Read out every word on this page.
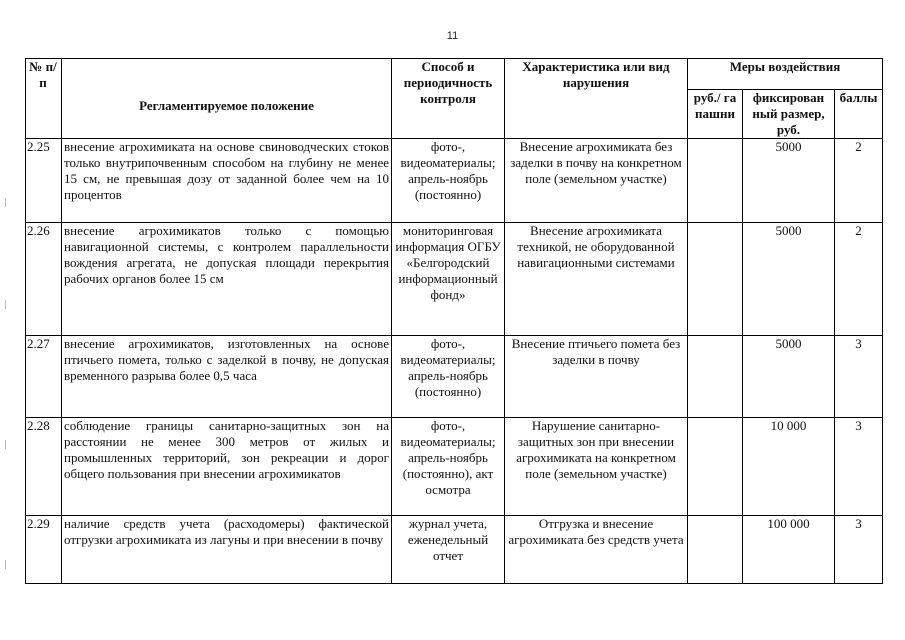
11
№ п/п	Регламентируемое положение	Способ и периодичность контроля	Характеристика или вид нарушения	Меры воздействия		
				руб./ га пашни	фиксирован ный размер, руб.	баллы
2.25	внесение агрохимиката на основе свиноводческих стоков только внутрипочвенным способом на глубину не менее 15 см, не превышая дозу от заданной более чем на 10 процентов	фото-, видеоматериалы; апрель-ноябрь (постоянно)	Внесение агрохимиката без заделки в почву на конкретном поле (земельном участке)		5000	2
2.26	внесение агрохимикатов только с помощью навигационной системы, с контролем параллельности вождения агрегата, не допуская площади перекрытия рабочих органов более 15 см	мониторинговая информация ОГБУ «Белгородский информационный фонд»	Внесение агрохимиката техникой, не оборудованной навигационными системами		5000	2
2.27	внесение агрохимикатов, изготовленных на основе птичьего помета, только с заделкой в почву, не допуская временного разрыва более 0,5 часа	фото-, видеоматериалы; апрель-ноябрь (постоянно)	Внесение птичьего помета без заделки в почву		5000	3
2.28	соблюдение границы санитарно-защитных зон на расстоянии не менее 300 метров от жилых и промышленных территорий, зон рекреации и дорог общего пользования при внесении агрохимикатов	фото-, видеоматериалы; апрель-ноябрь (постоянно), акт осмотра	Нарушение санитарно-защитных зон при внесении агрохимиката на конкретном поле (земельном участке)		10 000	3
2.29	наличие средств учета (расходомеры) фактической отгрузки агрохимиката из лагуны и при внесении в почву	журнал учета, еженедельный отчет	Отгрузка и внесение агрохимиката без средств учета		100 000	3
